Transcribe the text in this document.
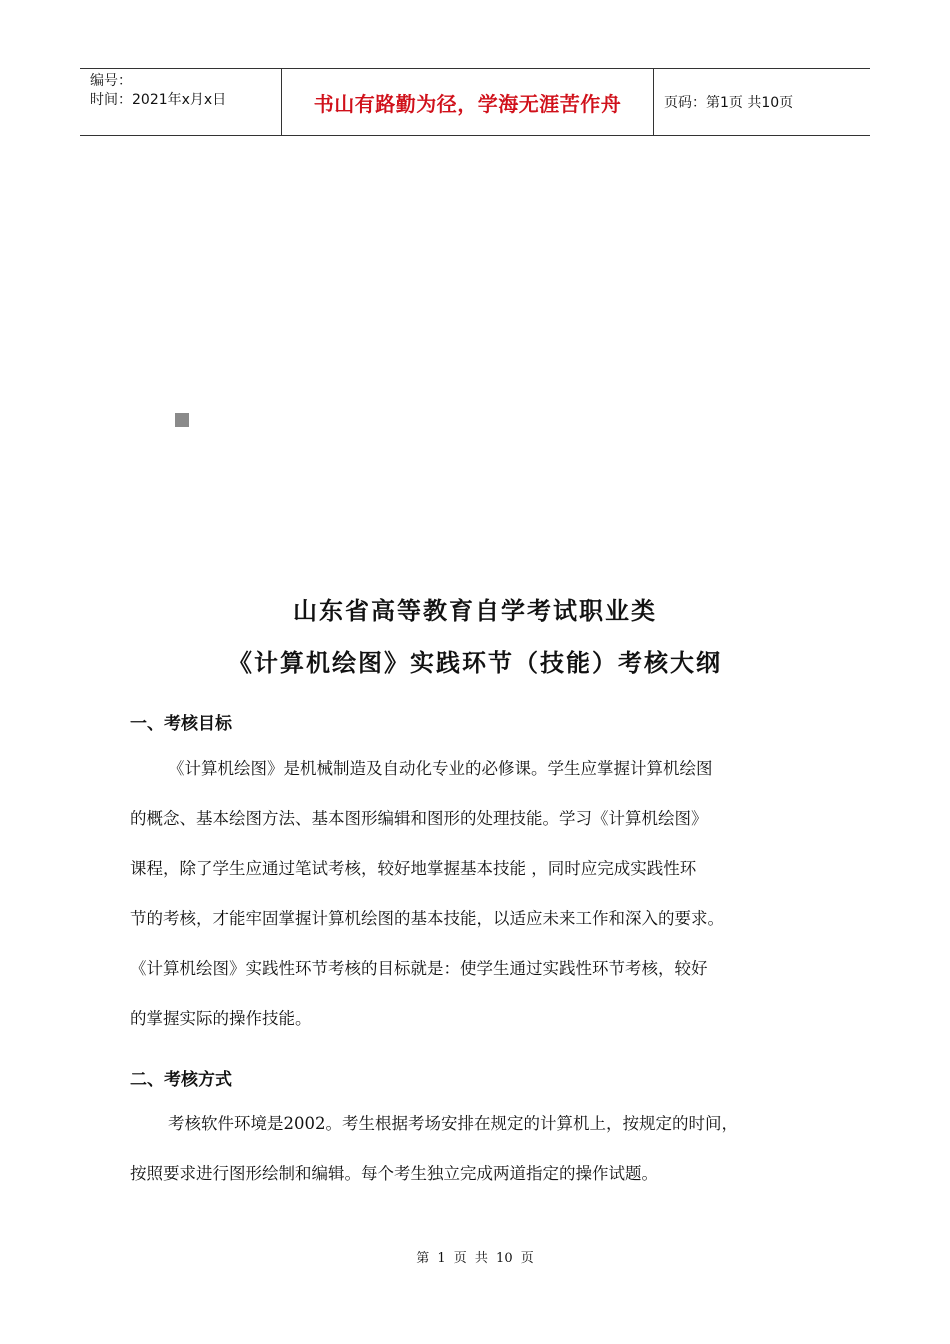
编号：
时间：2021年x月x日	书山有路勤为径，学海无涯苦作舟	页码：第1页 共10页
山东省高等教育自学考试职业类
《计算机绘图》实践环节（技能）考核大纲
一、考核目标
《计算机绘图》是机械制造及自动化专业的必修课。学生应掌握计算机绘图
的概念、基本绘图方法、基本图形编辑和图形的处理技能。学习《计算机绘图》
课程，除了学生应通过笔试考核，较好地掌握基本技能 ，同时应完成实践性环
节的考核，才能牢固掌握计算机绘图的基本技能，以适应未来工作和深入的要求。
《计算机绘图》实践性环节考核的目标就是：使学生通过实践性环节考核，较好
的掌握实际的操作技能。
二、考核方式
考核软件环境是2002。考生根据考场安排在规定的计算机上，按规定的时间，
按照要求进行图形绘制和编辑。每个考生独立完成两道指定的操作试题。
第 1 页 共 10 页
